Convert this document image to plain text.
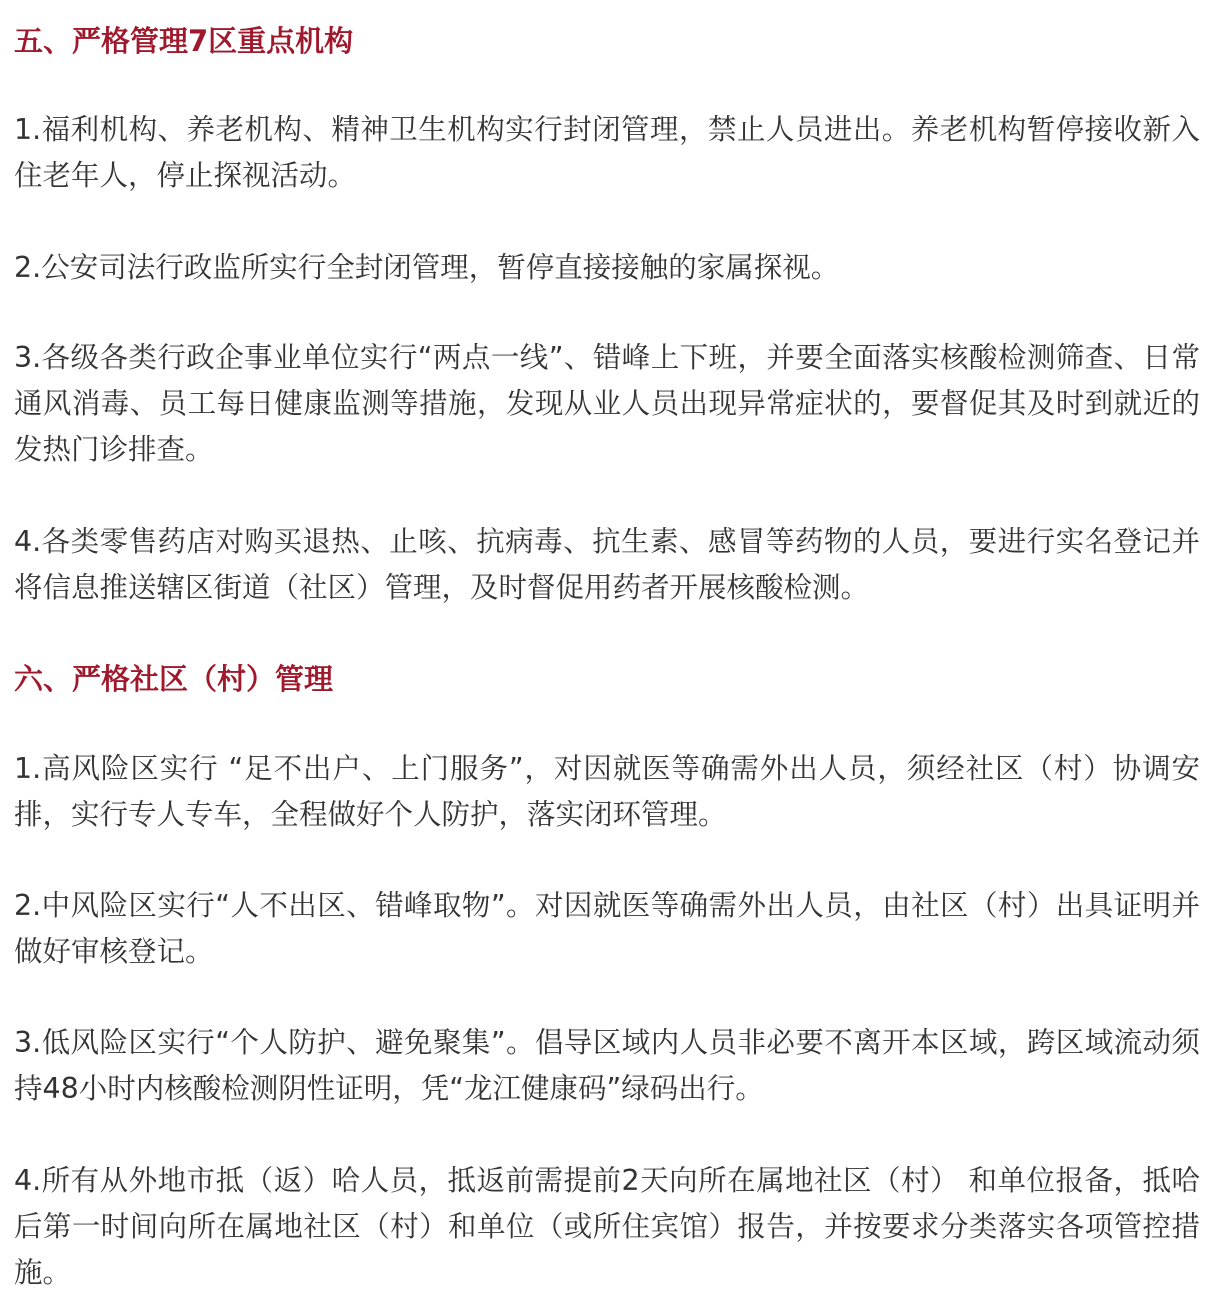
五、严格管理7区重点机构

1.福利机构、养老机构、精神卫生机构实行封闭管理，禁止人员进出。养老机构暂停接收新入住老年人，停止探视活动。

2.公安司法行政监所实行全封闭管理，暂停直接接触的家属探视。

3.各级各类行政企事业单位实行“两点一线”、错峰上下班，并要全面落实核酸检测筛查、日常通风消毒、员工每日健康监测等措施，发现从业人员出现异常症状的，要督促其及时到就近的发热门诊排查。

4.各类零售药店对购买退热、止咳、抗病毒、抗生素、感冒等药物的人员，要进行实名登记并将信息推送辖区街道（社区）管理，及时督促用药者开展核酸检测。

六、严格社区（村）管理

1.高风险区实行 “足不出户、上门服务”，对因就医等确需外出人员，须经社区（村）协调安排，实行专人专车，全程做好个人防护，落实闭环管理。

2.中风险区实行“人不出区、错峰取物”。对因就医等确需外出人员，由社区（村）出具证明并做好审核登记。

3.低风险区实行“个人防护、避免聚集”。倡导区域内人员非必要不离开本区域，跨区域流动须持48小时内核酸检测阴性证明，凭“龙江健康码”绿码出行。

4.所有从外地市抵（返）哈人员，抵返前需提前2天向所在属地社区（村） 和单位报备，抵哈后第一时间向所在属地社区（村）和单位（或所住宾馆）报告，并按要求分类落实各项管控措施。
